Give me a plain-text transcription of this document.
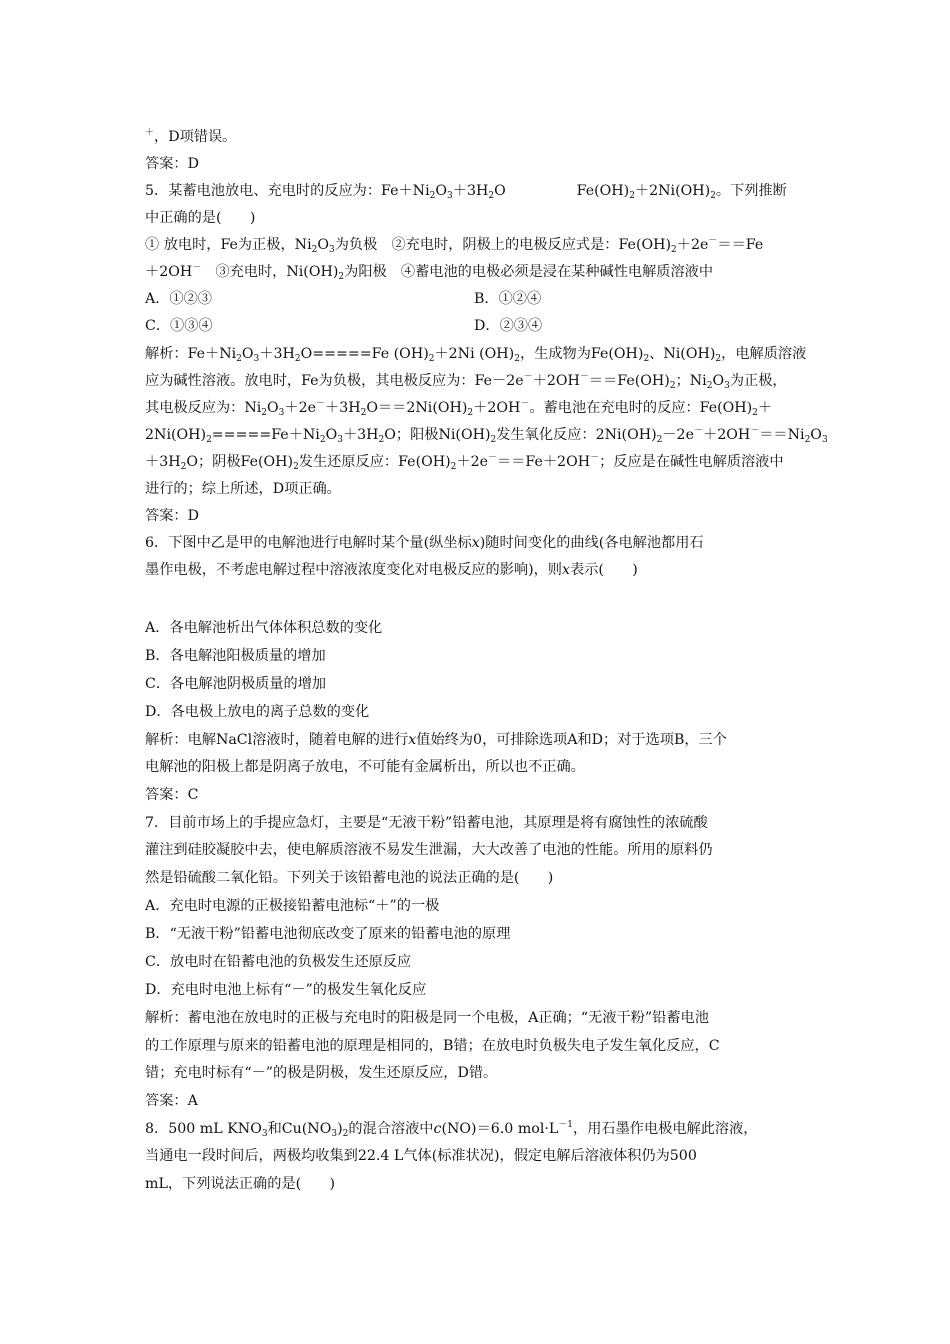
＋，D项错误。
答案：D
5．某蓄电池放电、充电时的反应为：$Fe+Ni_2O_3+3H_2O$　　　　　$Fe(OH)_2+2Ni(OH)_2$。下列推断
中正确的是(　　)
① 放电时，Fe为正极，$Ni_2O_3$为负极　②充电时，阴极上的电极反应式是：$Fe(OH)_2+2e^-==Fe$
＋2OH－　③充电时，$Ni(OH)_2$为阳极　④蓄电池的电极必须是浸在某种碱性电解质溶液中
A．①②③	B．①②④
C．①③④	D．②③④
解析：$Fe+Ni_2O_3+3H_2O=====Fe$ $(OH)_2+2Ni$ $(OH)_2$，生成物为$Fe(OH)_2$、$Ni(OH)_2$，电解质溶液
应为碱性溶液。放电时，Fe为负极，其电极反应为：$Fe-2e^-+2OH^-==Fe(OH)_2$；$Ni_2O_3$为正极，
其电极反应为：$Ni_2O_3+2e^-+3H_2O==2Ni(OH)_2+2OH^-$。蓄电池在充电时的反应：$Fe(OH)_2+$
$2Ni(OH)_2=====Fe+Ni_2O_3+3H_2O$；阳极$Ni(OH)_2$发生氧化反应：$2Ni(OH)_2-2e^-+2OH^-==Ni_2O_3$
$+3H_2O$；阴极$Fe(OH)_2$发生还原反应：$Fe(OH)_2+2e^-==Fe+2OH^-$；反应是在碱性电解质溶液中
进行的；综上所述，D项正确。
答案：D
6．下图中乙是甲的电解池进行电解时某个量(纵坐标x)随时间变化的曲线(各电解池都用石
墨作电极，不考虑电解过程中溶液浓度变化对电极反应的影响)，则x表示(　　)
A．各电解池析出气体体积总数的变化
B．各电解池阳极质量的增加
C．各电解池阴极质量的增加
D．各电极上放电的离子总数的变化
解析：电解NaCl溶液时，随着电解的进行x值始终为0，可排除选项A和D；对于选项B，三个
电解池的阳极上都是阴离子放电，不可能有金属析出，所以也不正确。
答案：C
7．目前市场上的手提应急灯，主要是“无液干粉”铅蓄电池，其原理是将有腐蚀性的浓硫酸
灌注到硅胶凝胶中去，使电解质溶液不易发生泄漏，大大改善了电池的性能。所用的原料仍
然是铅硫酸二氧化铅。下列关于该铅蓄电池的说法正确的是(　　)
A．充电时电源的正极接铅蓄电池标“＋”的一极
B．“无液干粉”铅蓄电池彻底改变了原来的铅蓄电池的原理
C．放电时在铅蓄电池的负极发生还原反应
D．充电时电池上标有“－”的极发生氧化反应
解析：蓄电池在放电时的正极与充电时的阳极是同一个电极，A正确；“无液干粉”铅蓄电池
的工作原理与原来的铅蓄电池的原理是相同的，B错；在放电时负极失电子发生氧化反应，C
错；充电时标有“－”的极是阴极，发生还原反应，D错。
答案：A
8．500 mL $KNO_3$和$Cu(NO_3)_2$的混合溶液中c(NO)＝6.0 $mol\cdot L^{-1}$，用石墨作电极电解此溶液，
当通电一段时间后，两极均收集到22.4 L气体(标准状况)，假定电解后溶液体积仍为500
mL，下列说法正确的是(　　)
